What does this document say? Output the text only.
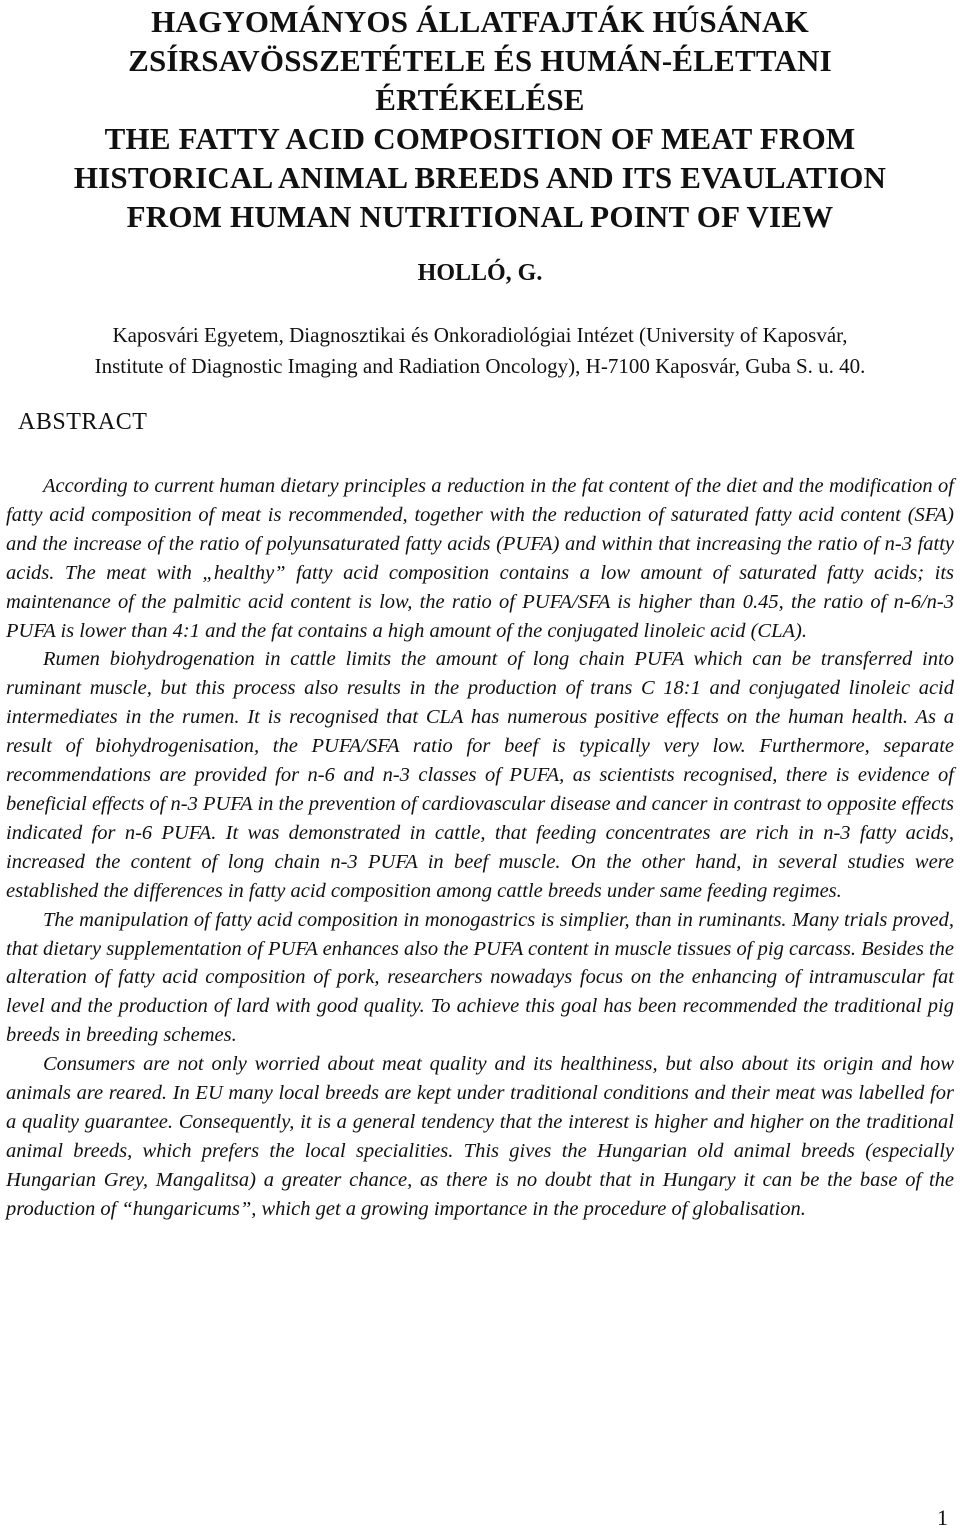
HAGYOMÁNYOS ÁLLATFAJTÁK HÚSÁNAK
ZSÍRSAVÖSSZETÉTELE ÉS HUMÁN-ÉLETTANI
ÉRTÉKELÉSE
THE FATTY ACID COMPOSITION OF MEAT FROM
HISTORICAL ANIMAL BREEDS AND ITS EVAULATION
FROM HUMAN NUTRITIONAL POINT OF VIEW
HOLLÓ, G.
Kaposvári Egyetem, Diagnosztikai és Onkoradiológiai Intézet (University of Kaposvár,
Institute of Diagnostic Imaging and Radiation Oncology), H-7100 Kaposvár, Guba S. u. 40.
ABSTRACT

According to current human dietary principles a reduction in the fat content of the diet and the modification of fatty acid composition of meat is recommended, together with the reduction of saturated fatty acid content (SFA) and the increase of the ratio of polyunsaturated fatty acids (PUFA) and within that increasing the ratio of n-3 fatty acids. The meat with „healthy” fatty acid composition contains a low amount of saturated fatty acids; its maintenance of the palmitic acid content is low, the ratio of PUFA/SFA is higher than 0.45, the ratio of n-6/n-3 PUFA is lower than 4:1 and the fat contains a high amount of the conjugated linoleic acid (CLA).

Rumen biohydrogenation in cattle limits the amount of long chain PUFA which can be transferred into ruminant muscle, but this process also results in the production of trans C 18:1 and conjugated linoleic acid intermediates in the rumen. It is recognised that CLA has numerous positive effects on the human health. As a result of biohydrogenisation, the PUFA/SFA ratio for beef is typically very low. Furthermore, separate recommendations are provided for n-6 and n-3 classes of PUFA, as scientists recognised, there is evidence of beneficial effects of n-3 PUFA in the prevention of cardiovascular disease and cancer in contrast to opposite effects indicated for n-6 PUFA. It was demonstrated in cattle, that feeding concentrates are rich in n-3 fatty acids, increased the content of long chain n-3 PUFA in beef muscle. On the other hand, in several studies were established the differences in fatty acid composition among cattle breeds under same feeding regimes.

The manipulation of fatty acid composition in monogastrics is simplier, than in ruminants. Many trials proved, that dietary supplementation of PUFA enhances also the PUFA content in muscle tissues of pig carcass. Besides the alteration of fatty acid composition of pork, researchers nowadays focus on the enhancing of intramuscular fat level and the production of lard with good quality. To achieve this goal has been recommended the traditional pig breeds in breeding schemes.

Consumers are not only worried about meat quality and its healthiness, but also about its origin and how animals are reared. In EU many local breeds are kept under traditional conditions and their meat was labelled for a quality guarantee. Consequently, it is a general tendency that the interest is higher and higher on the traditional animal breeds, which prefers the local specialities. This gives the Hungarian old animal breeds (especially Hungarian Grey, Mangalitsa) a greater chance, as there is no doubt that in Hungary it can be the base of the production of “hungaricums”, which get a growing importance in the procedure of globalisation.

1
